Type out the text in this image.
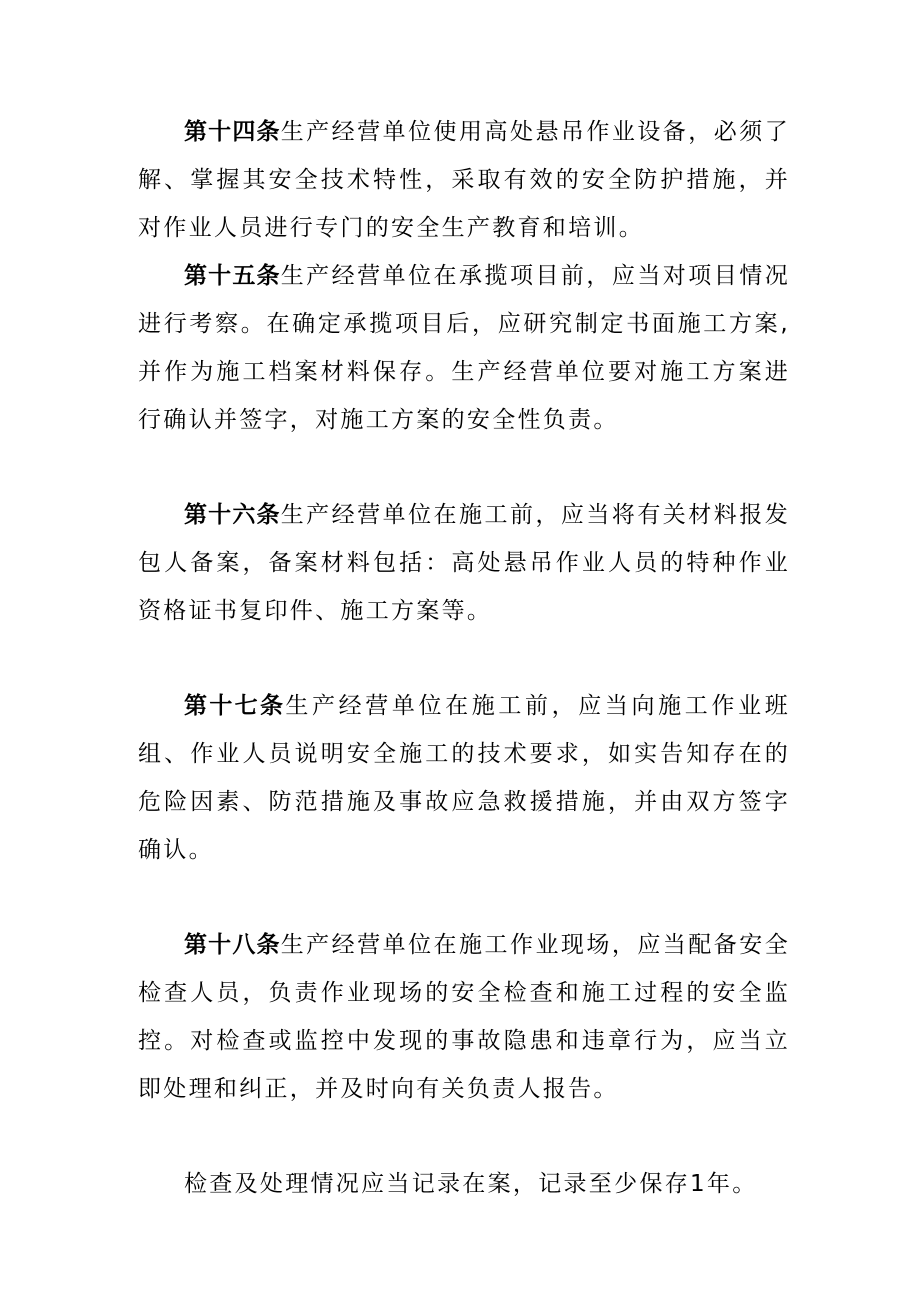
第十四条生产经营单位使用高处悬吊作业设备，必须了解、掌握其安全技术特性，采取有效的安全防护措施，并对作业人员进行专门的安全生产教育和培训。

第十五条生产经营单位在承揽项目前，应当对项目情况进行考察。在确定承揽项目后，应研究制定书面施工方案,并作为施工档案材料保存。生产经营单位要对施工方案进行确认并签字，对施工方案的安全性负责。

第十六条生产经营单位在施工前，应当将有关材料报发包人备案，备案材料包括：高处悬吊作业人员的特种作业资格证书复印件、施工方案等。

第十七条生产经营单位在施工前，应当向施工作业班组、作业人员说明安全施工的技术要求，如实告知存在的危险因素、防范措施及事故应急救援措施，并由双方签字确认。

第十八条生产经营单位在施工作业现场，应当配备安全检查人员，负责作业现场的安全检查和施工过程的安全监控。对检查或监控中发现的事故隐患和违章行为，应当立即处理和纠正，并及时向有关负责人报告。

检查及处理情况应当记录在案，记录至少保存1年。
